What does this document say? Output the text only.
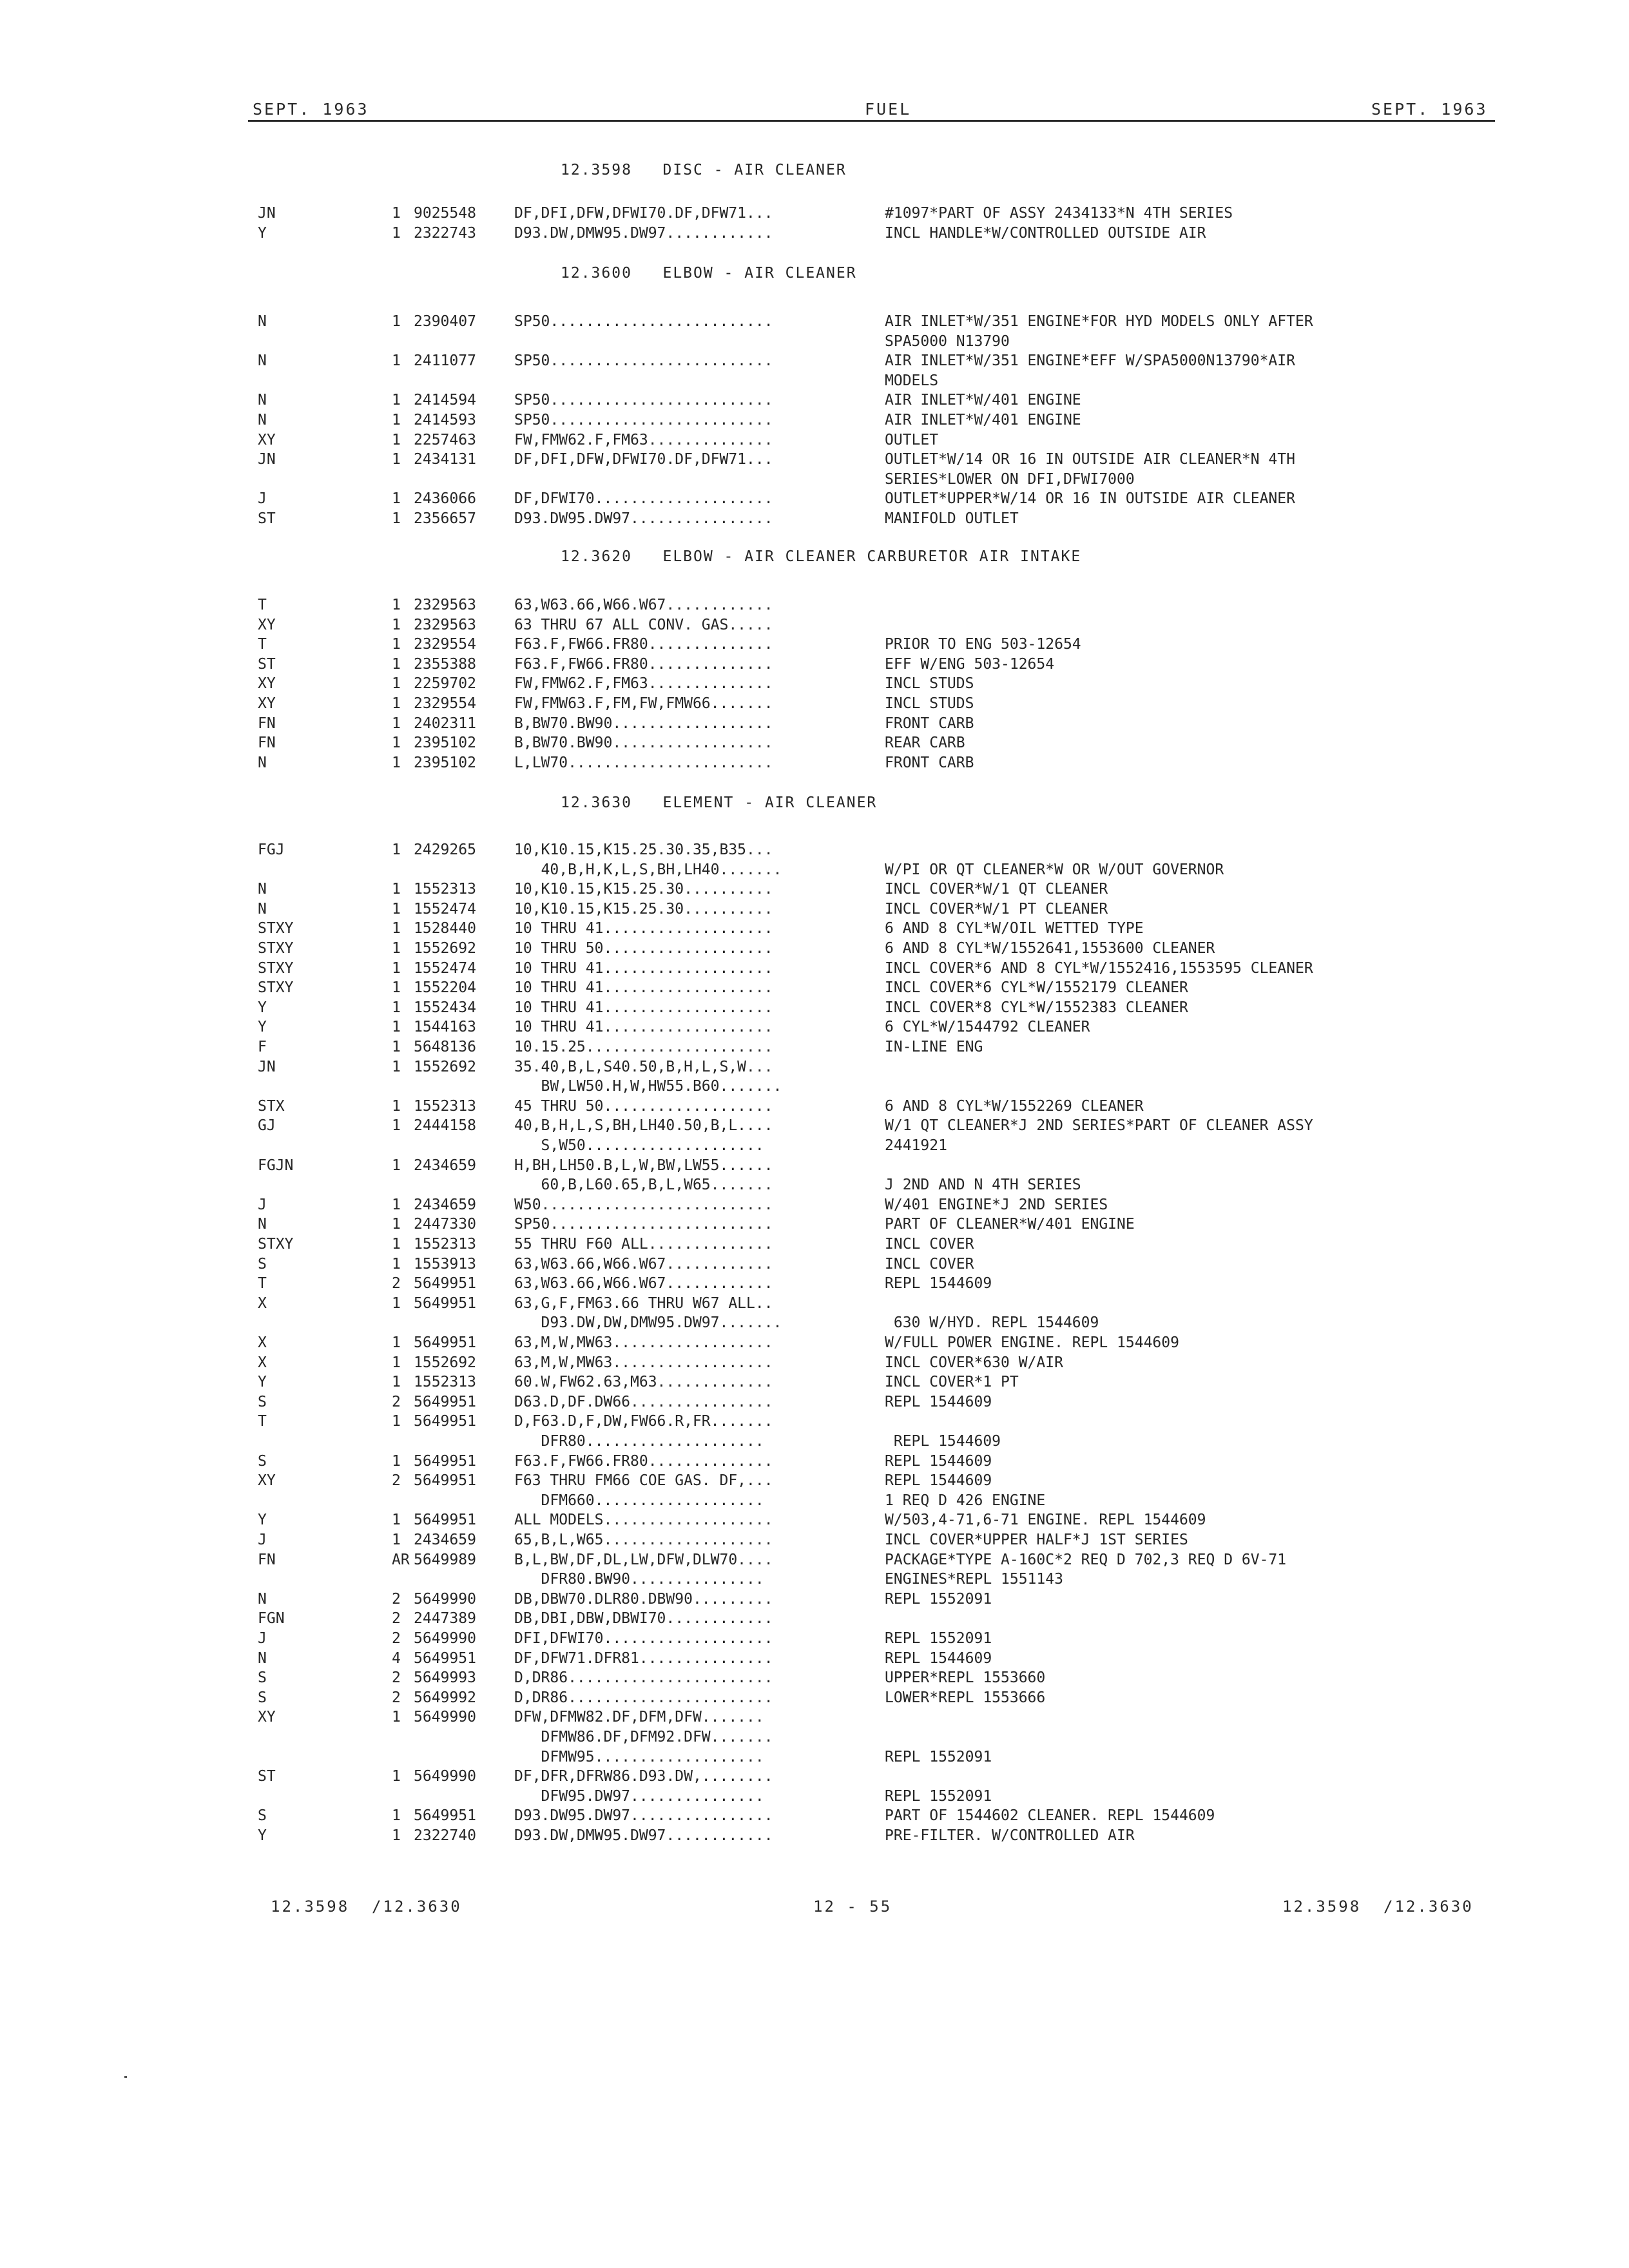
SEPT. 1963	FUEL	SEPT. 1963
12.3598   DISC - AIR CLEANER
JN	1 9025548	DF,DFI,DFW,DFWI70.DF,DFW71...	#1097*PART OF ASSY 2434133*N 4TH SERIES
Y	1 2322743	D93.DW,DMW95.DW97............	INCL HANDLE*W/CONTROLLED OUTSIDE AIR
12.3600   ELBOW - AIR CLEANER
N	1 2390407	SP50.........................	AIR INLET*W/351 ENGINE*FOR HYD MODELS ONLY AFTER
SPA5000 N13790
N	1 2411077	SP50.........................	AIR INLET*W/351 ENGINE*EFF W/SPA5000N13790*AIR
MODELS
N	1 2414594	SP50.........................	AIR INLET*W/401 ENGINE
N	1 2414593	SP50.........................	AIR INLET*W/401 ENGINE
XY	1 2257463	FW,FMW62.F,FM63..............	OUTLET
JN	1 2434131	DF,DFI,DFW,DFWI70.DF,DFW71...	OUTLET*W/14 OR 16 IN OUTSIDE AIR CLEANER*N 4TH
SERIES*LOWER ON DFI,DFWI7000
J	1 2436066	DF,DFWI70....................	OUTLET*UPPER*W/14 OR 16 IN OUTSIDE AIR CLEANER
ST	1 2356657	D93.DW95.DW97................	MANIFOLD OUTLET
12.3620   ELBOW - AIR CLEANER CARBURETOR AIR INTAKE
T	1 2329563	63,W63.66,W66.W67............
XY	1 2329563	63 THRU 67 ALL CONV. GAS.....
T	1 2329554	F63.F,FW66.FR80..............	PRIOR TO ENG 503-12654
ST	1 2355388	F63.F,FW66.FR80..............	EFF W/ENG 503-12654
XY	1 2259702	FW,FMW62.F,FM63..............	INCL STUDS
XY	1 2329554	FW,FMW63.F,FM,FW,FMW66.......	INCL STUDS
FN	1 2402311	B,BW70.BW90..................	FRONT CARB
FN	1 2395102	B,BW70.BW90..................	REAR CARB
N	1 2395102	L,LW70.......................	FRONT CARB
12.3630   ELEMENT - AIR CLEANER
FGJ	1 2429265	10,K10.15,K15.25.30.35,B35...
40,B,H,K,L,S,BH,LH40.......	W/PI OR QT CLEANER*W OR W/OUT GOVERNOR
N	1 1552313	10,K10.15,K15.25.30..........	INCL COVER*W/1 QT CLEANER
N	1 1552474	10,K10.15,K15.25.30..........	INCL COVER*W/1 PT CLEANER
STXY	1 1528440	10 THRU 41...................	6 AND 8 CYL*W/OIL WETTED TYPE
STXY	1 1552692	10 THRU 50...................	6 AND 8 CYL*W/1552641,1553600 CLEANER
STXY	1 1552474	10 THRU 41...................	INCL COVER*6 AND 8 CYL*W/1552416,1553595 CLEANER
STXY	1 1552204	10 THRU 41...................	INCL COVER*6 CYL*W/1552179 CLEANER
Y	1 1552434	10 THRU 41...................	INCL COVER*8 CYL*W/1552383 CLEANER
Y	1 1544163	10 THRU 41...................	6 CYL*W/1544792 CLEANER
F	1 5648136	10.15.25.....................	IN-LINE ENG
JN	1 1552692	35.40,B,L,S40.50,B,H,L,S,W...
BW,LW50.H,W,HW55.B60.......
STX	1 1552313	45 THRU 50...................	6 AND 8 CYL*W/1552269 CLEANER
GJ	1 2444158	40,B,H,L,S,BH,LH40.50,B,L....	W/1 QT CLEANER*J 2ND SERIES*PART OF CLEANER ASSY
S,W50....................	2441921
FGJN	1 2434659	H,BH,LH50.B,L,W,BW,LW55......
60,B,L60.65,B,L,W65.......	J 2ND AND N 4TH SERIES
J	1 2434659	W50..........................	W/401 ENGINE*J 2ND SERIES
N	1 2447330	SP50.........................	PART OF CLEANER*W/401 ENGINE
STXY	1 1552313	55 THRU F60 ALL..............	INCL COVER
S	1 1553913	63,W63.66,W66.W67............	INCL COVER
T	2 5649951	63,W63.66,W66.W67............	REPL 1544609
X	1 5649951	63,G,F,FM63.66 THRU W67 ALL..
D93.DW,DW,DMW95.DW97.......	630 W/HYD. REPL 1544609
X	1 5649951	63,M,W,MW63..................	W/FULL POWER ENGINE. REPL 1544609
X	1 1552692	63,M,W,MW63..................	INCL COVER*630 W/AIR
Y	1 1552313	60.W,FW62.63,M63.............	INCL COVER*1 PT
S	2 5649951	D63.D,DF.DW66................	REPL 1544609
T	1 5649951	D,F63.D,F,DW,FW66.R,FR.......
DFR80....................	REPL 1544609
S	1 5649951	F63.F,FW66.FR80..............	REPL 1544609
XY	2 5649951	F63 THRU FM66 COE GAS. DF,...	REPL 1544609
DFM660...................	1 REQ D 426 ENGINE
Y	1 5649951	ALL MODELS...................	W/503,4-71,6-71 ENGINE. REPL 1544609
J	1 2434659	65,B,L,W65...................	INCL COVER*UPPER HALF*J 1ST SERIES
FN	AR 5649989	B,L,BW,DF,DL,LW,DFW,DLW70....	PACKAGE*TYPE A-160C*2 REQ D 702,3 REQ D 6V-71
DFR80.BW90...............	ENGINES*REPL 1551143
N	2 5649990	DB,DBW70.DLR80.DBW90.........	REPL 1552091
FGN	2 2447389	DB,DBI,DBW,DBWI70............
J	2 5649990	DFI,DFWI70...................	REPL 1552091
N	4 5649951	DF,DFW71.DFR81...............	REPL 1544609
S	2 5649993	D,DR86.......................	UPPER*REPL 1553660
S	2 5649992	D,DR86.......................	LOWER*REPL 1553666
XY	1 5649990	DFW,DFMW82.DF,DFM,DFW.......
DFMW86.DF,DFM92.DFW.......
DFMW95...................	REPL 1552091
ST	1 5649990	DF,DFR,DFRW86.D93.DW,........
DFW95.DW97...............	REPL 1552091
S	1 5649951	D93.DW95.DW97................	PART OF 1544602 CLEANER. REPL 1544609
Y	1 2322740	D93.DW,DMW95.DW97............	PRE-FILTER. W/CONTROLLED AIR
12.3598  /12.3630	12 - 55	12.3598  /12.3630
